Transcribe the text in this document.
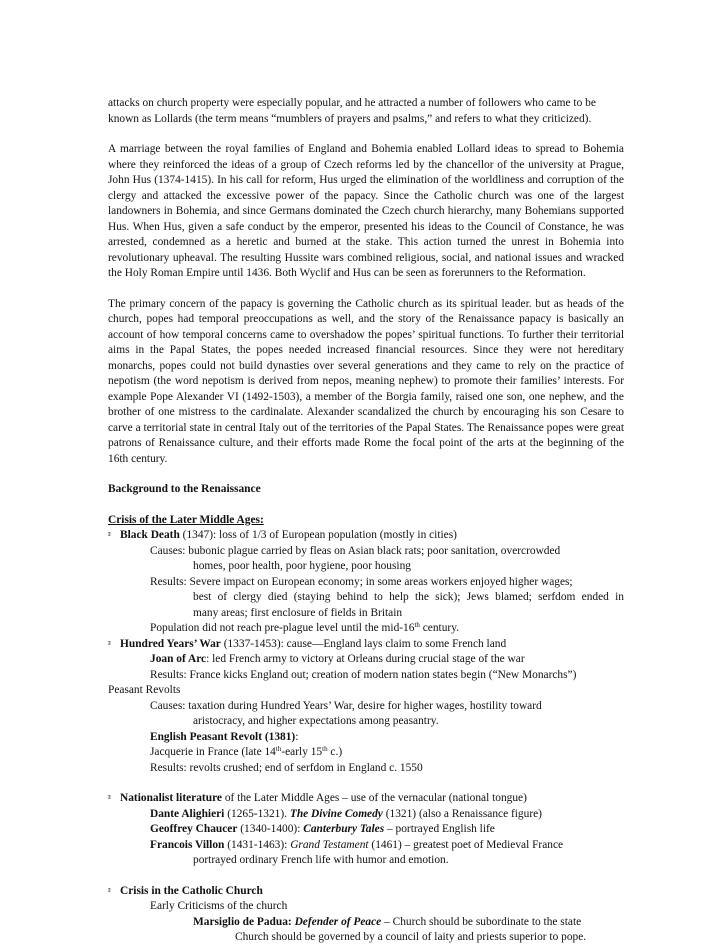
attacks on church property were especially popular, and he attracted a number of followers who came to be
known as Lollards (the term means “mumblers of prayers and psalms,” and refers to what they criticized).

A marriage between the royal families of England and Bohemia enabled Lollard ideas to spread to Bohemia where they reinforced the ideas of a group of Czech reforms led by the chancellor of the university at Prague, John Hus (1374-1415). In his call for reform, Hus urged the elimination of the worldliness and corruption of the clergy and attacked the excessive power of the papacy. Since the Catholic church was one of the largest landowners in Bohemia, and since Germans dominated the Czech church hierarchy, many Bohemians supported Hus. When Hus, given a safe conduct by the emperor, presented his ideas to the Council of Constance, he was arrested, condemned as a heretic and burned at the stake. This action turned the unrest in Bohemia into revolutionary upheaval. The resulting Hussite wars combined religious, social, and national issues and wracked the Holy Roman Empire until 1436. Both Wyclif and Hus can be seen as forerunners to the Reformation.

The primary concern of the papacy is governing the Catholic church as its spiritual leader. but as heads of the church, popes had temporal preoccupations as well, and the story of the Renaissance papacy is basically an account of how temporal concerns came to overshadow the popes’ spiritual functions. To further their territorial aims in the Papal States, the popes needed increased financial resources. Since they were not hereditary monarchs, popes could not build dynasties over several generations and they came to rely on the practice of nepotism (the word nepotism is derived from nepos, meaning nephew) to promote their families’ interests. For example Pope Alexander VI (1492-1503), a member of the Borgia family, raised one son, one nephew, and the brother of one mistress to the cardinalate. Alexander scandalized the church by encouraging his son Cesare to carve a territorial state in central Italy out of the territories of the Papal States. The Renaissance popes were great patrons of Renaissance culture, and their efforts made Rome the focal point of the arts at the beginning of the 16th century.

Background to the Renaissance
Crisis of the Later Middle Ages:
² Black Death (1347): loss of 1/3 of European population (mostly in cities)
Causes: bubonic plague carried by fleas on Asian black rats; poor sanitation, overcrowded
homes, poor health, poor hygiene, poor housing
Results: Severe impact on European economy; in some areas workers enjoyed higher wages;
best of clergy died (staying behind to help the sick); Jews blamed; serfdom ended in
many areas; first enclosure of fields in Britain
Population did not reach pre-plague level until the mid-16th century.
² Hundred Years’ War (1337-1453): cause—England lays claim to some French land
Joan of Arc: led French army to victory at Orleans during crucial stage of the war
Results: France kicks England out; creation of modern nation states begin (“New Monarchs”)
Peasant Revolts
Causes: taxation during Hundred Years’ War, desire for higher wages, hostility toward
aristocracy, and higher expectations among peasantry.
English Peasant Revolt (1381):
Jacquerie in France (late 14th-early 15th c.)
Results: revolts crushed; end of serfdom in England c. 1550
² Nationalist literature of the Later Middle Ages – use of the vernacular (national tongue)
Dante Alighieri (1265-1321). The Divine Comedy (1321) (also a Renaissance figure)
Geoffrey Chaucer (1340-1400): Canterbury Tales – portrayed English life
Francois Villon (1431-1463): Grand Testament (1461) – greatest poet of Medieval France
portrayed ordinary French life with humor and emotion.
² Crisis in the Catholic Church
Early Criticisms of the church
Marsiglio de Padua: Defender of Peace – Church should be subordinate to the state
Church should be governed by a council of laity and priests superior to pope.
